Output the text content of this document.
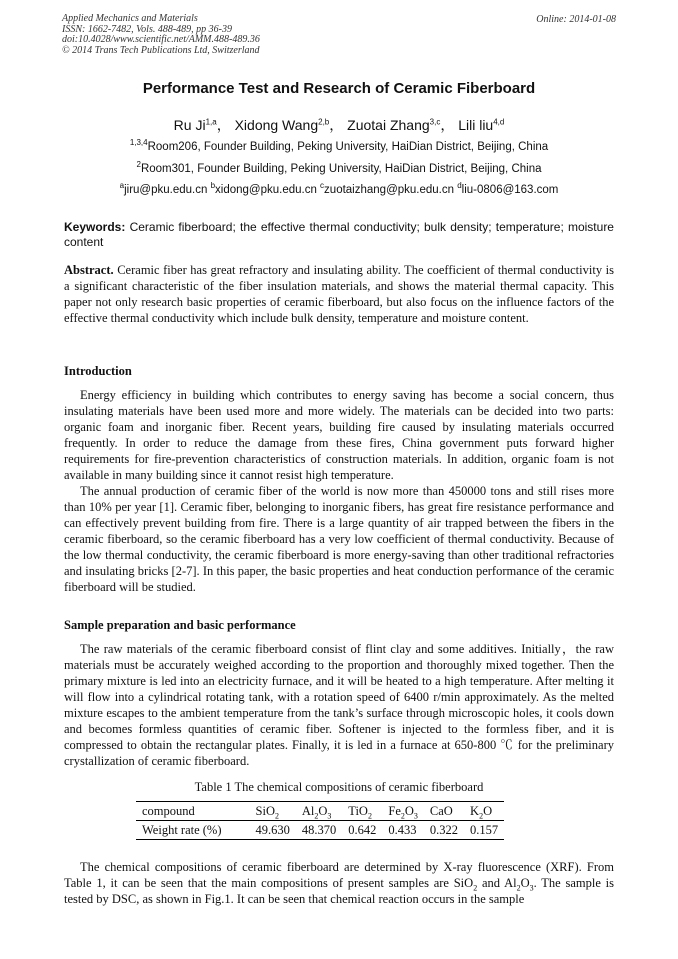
Applied Mechanics and Materials
ISSN: 1662-7482, Vols. 488-489, pp 36-39
doi:10.4028/www.scientific.net/AMM.488-489.36
© 2014 Trans Tech Publications Ltd, Switzerland
Online: 2014-01-08
Performance Test and Research of Ceramic Fiberboard
Ru Ji$^{1,a}$， Xidong Wang$^{2,b}$， Zuotai Zhang$^{3,c}$， Lili liu$^{4,d}$
$^{1,3,4}$Room206, Founder Building, Peking University, HaiDian District, Beijing, China
$^2$Room301, Founder Building, Peking University, HaiDian District, Beijing, China
$^a$jiru@pku.edu.cn $^b$xidong@pku.edu.cn $^c$zuotaizhang@pku.edu.cn $^d$liu-0806@163.com
Keywords: Ceramic fiberboard; the effective thermal conductivity; bulk density; temperature; moisture content
Abstract. Ceramic fiber has great refractory and insulating ability. The coefficient of thermal conductivity is a significant characteristic of the fiber insulation materials, and shows the material thermal capacity. This paper not only research basic properties of ceramic fiberboard, but also focus on the influence factors of the effective thermal conductivity which include bulk density, temperature and moisture content.
Introduction

Energy efficiency in building which contributes to energy saving has become a social concern, thus insulating materials have been used more and more widely. The materials can be decided into two parts: organic foam and inorganic fiber. Recent years, building fire caused by insulating materials occurred frequently. In order to reduce the damage from these fires, China government puts forward higher requirements for fire-prevention characteristics of construction materials. In addition, organic foam is not available in many building since it cannot resist high temperature.

The annual production of ceramic fiber of the world is now more than 450000 tons and still rises more than 10% per year [1]. Ceramic fiber, belonging to inorganic fibers, has great fire resistance performance and can effectively prevent building from fire. There is a large quantity of air trapped between the fibers in the ceramic fiberboard, so the ceramic fiberboard has a very low coefficient of thermal conductivity. Because of the low thermal conductivity, the ceramic fiberboard is more energy-saving than other traditional refractories and insulating bricks [2-7]. In this paper, the basic properties and heat conduction performance of the ceramic fiberboard will be studied.

Sample preparation and basic performance

The raw materials of the ceramic fiberboard consist of flint clay and some additives. Initially，the raw materials must be accurately weighed according to the proportion and thoroughly mixed together. Then the primary mixture is led into an electricity furnace, and it will be heated to a high temperature. After melting it will flow into a cylindrical rotating tank, with a rotation speed of 6400 r/min approximately. As the melted mixture escapes to the ambient temperature from the tank’s surface through microscopic holes, it cools down and becomes formless quantities of ceramic fiber. Softener is injected to the formless fiber, and it is compressed to obtain the rectangular plates. Finally, it is led in a furnace at 650-800 ℃ for the preliminary crystallization of ceramic fiberboard.

Table 1 The chemical compositions of ceramic fiberboard
compound	SiO$_2$	$Al_2O_3$	TiO$_2$	$Fe_2O_3$	CaO	$K_2O$
Weight rate (%)	49.630	48.370	0.642	0.433	0.322	0.157

The chemical compositions of ceramic fiberboard are determined by X-ray fluorescence (XRF). From Table 1, it can be seen that the main compositions of present samples are SiO$_2$ and $Al_2O_3$. The sample is tested by DSC, as shown in Fig.1. It can be seen that chemical reaction occurs in the sample
